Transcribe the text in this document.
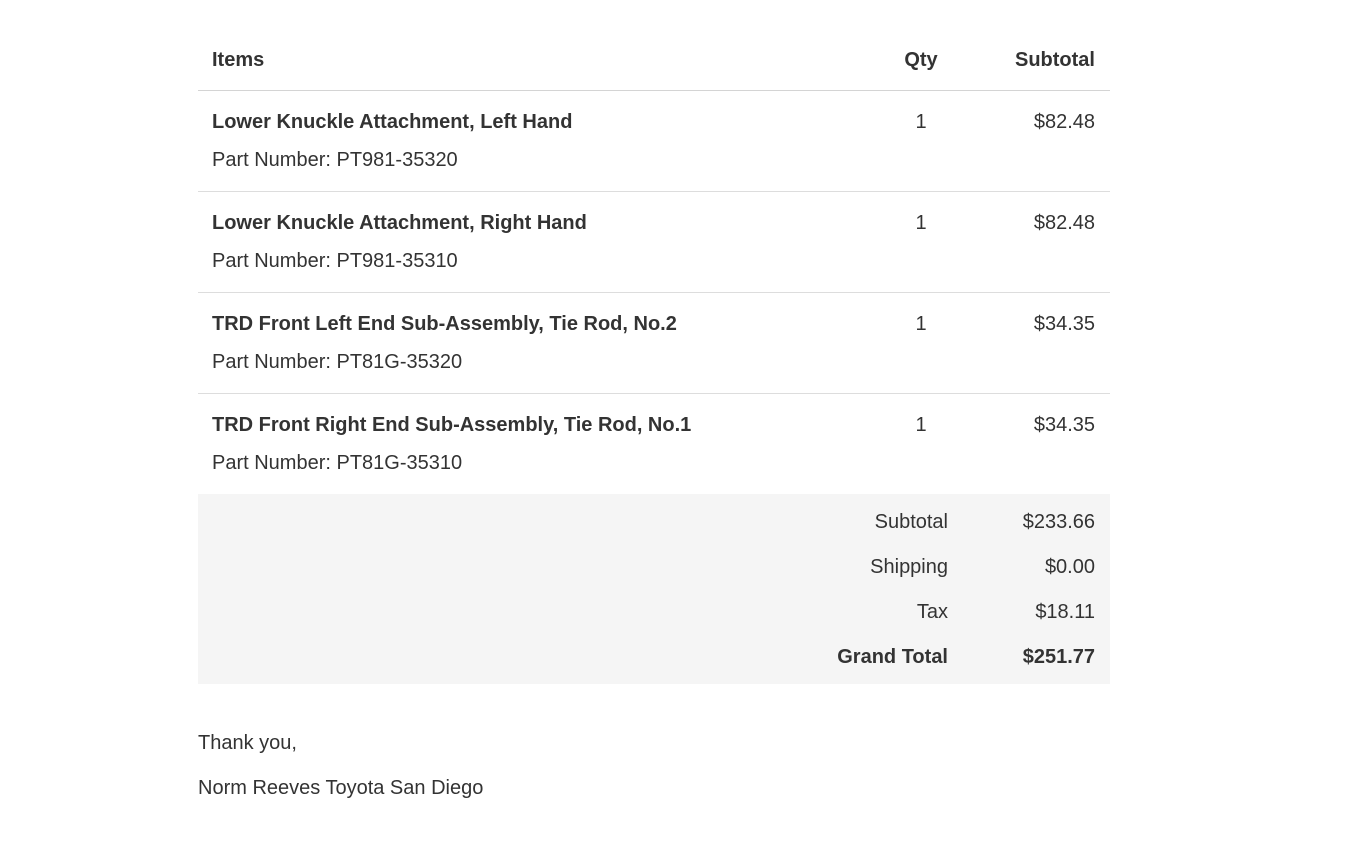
Items	Qty	Subtotal

Lower Knuckle Attachment, Left Hand
Part Number: PT981-35320	1	$82.48

Lower Knuckle Attachment, Right Hand
Part Number: PT981-35310	1	$82.48

TRD Front Left End Sub-Assembly, Tie Rod, No.2
Part Number: PT81G-35320	1	$34.35

TRD Front Right End Sub-Assembly, Tie Rod, No.1
Part Number: PT81G-35310	1	$34.35
Subtotal	$233.66
Shipping	$0.00
Tax	$18.11
Grand Total	$251.77

Thank you,

Norm Reeves Toyota San Diego
